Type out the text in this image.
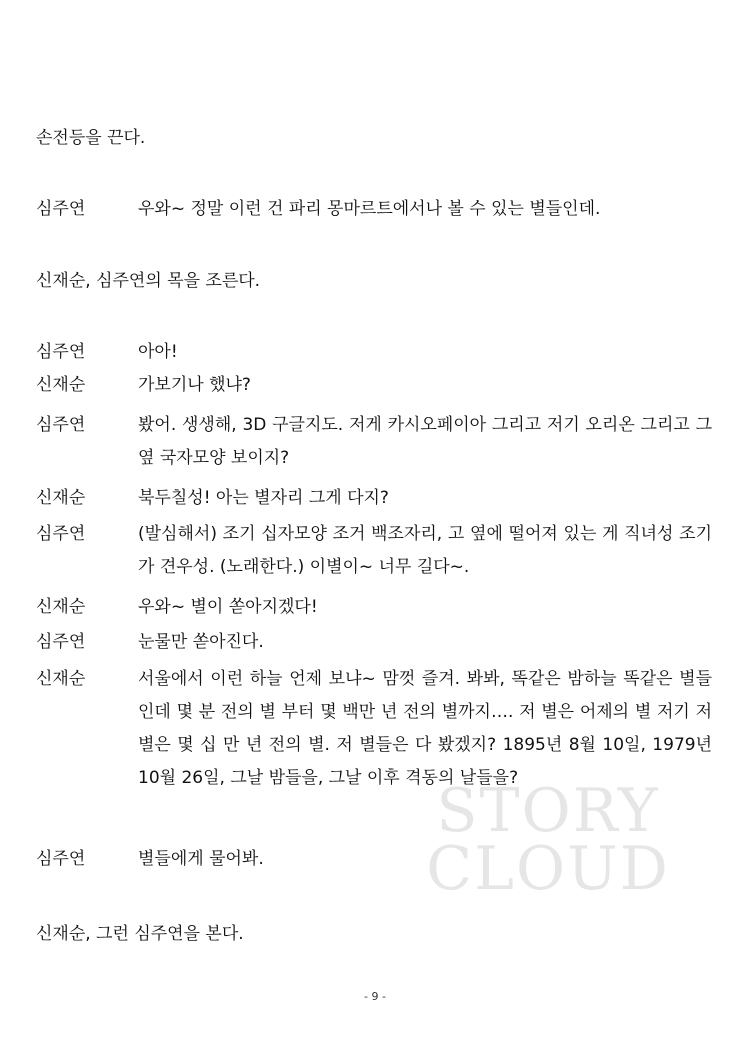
STORY
CLOUD
손전등을 끈다.
심주연	우와~ 정말 이런 건 파리 몽마르트에서나 볼 수 있는 별들인데.
신재순, 심주연의 목을 조른다.
심주연	아아!
신재순	가보기나 했냐?
심주연	봤어. 생생해, 3D 구글지도. 저게 카시오페이아 그리고 저기 오리온 그리고 그 옆 국자모양 보이지?
신재순	북두칠성! 아는 별자리 그게 다지?
심주연	(발심해서) 조기 십자모양 조거 백조자리, 고 옆에 떨어져 있는 게 직녀성 조기가 견우성. (노래한다.) 이별이~ 너무 길다~.
신재순	우와~ 별이 쏟아지겠다!
심주연	눈물만 쏟아진다.
신재순	서울에서 이런 하늘 언제 보냐~ 맘껏 즐겨. 봐봐, 똑같은 밤하늘 똑같은 별들인데 몇 분 전의 별 부터 몇 백만 년 전의 별까지…. 저 별은 어제의 별 저기 저별은 몇 십 만 년 전의 별. 저 별들은 다 봤겠지? 1895년 8월 10일, 1979년 10월 26일, 그날 밤들을, 그날 이후 격동의 날들을?
심주연	별들에게 물어봐.
신재순, 그런 심주연을 본다.
- 9 -
